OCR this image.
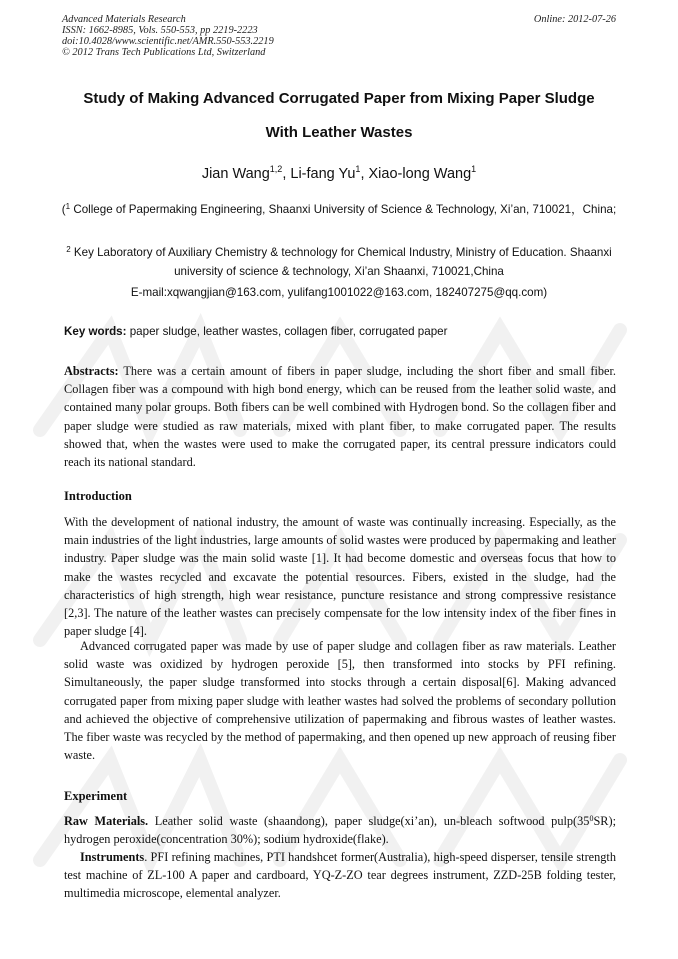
Advanced Materials Research
ISSN: 1662-8985, Vols. 550-553, pp 2219-2223
doi:10.4028/www.scientific.net/AMR.550-553.2219
© 2012 Trans Tech Publications Ltd, Switzerland
Online: 2012-07-26
Study of Making Advanced Corrugated Paper from Mixing Paper Sludge
With Leather Wastes
Jian Wang$^{1,2}$, Li-fang Yu$^1$, Xiao-long Wang$^1$
($^1$ College of Papermaking Engineering, Shaanxi University of Science & Technology, Xi’an, 710021，China;
$^2$ Key Laboratory of Auxiliary Chemistry & technology for Chemical Industry, Ministry of Education. Shaanxi university of science & technology, Xi’an Shaanxi, 710021,China
E-mail:xqwangjian@163.com, yulifang1001022@163.com, 182407275@qq.com)
Key words: paper sludge, leather wastes, collagen fiber, corrugated paper

Abstracts: There was a certain amount of fibers in paper sludge, including the short fiber and small fiber. Collagen fiber was a compound with high bond energy, which can be reused from the leather solid waste, and contained many polar groups. Both fibers can be well combined with Hydrogen bond. So the collagen fiber and paper sludge were studied as raw materials, mixed with plant fiber, to make corrugated paper. The results showed that, when the wastes were used to make the corrugated paper, its central pressure indicators could reach its national standard.

Introduction

With the development of national industry, the amount of waste was continually increasing. Especially, as the main industries of the light industries, large amounts of solid wastes were produced by papermaking and leather industry. Paper sludge was the main solid waste [1]. It had become domestic and overseas focus that how to make the wastes recycled and excavate the potential resources. Fibers, existed in the sludge, had the characteristics of high strength, high wear resistance, puncture resistance and strong compressive resistance [2,3]. The nature of the leather wastes can precisely compensate for the low intensity index of the fiber fines in paper sludge [4].

Advanced corrugated paper was made by use of paper sludge and collagen fiber as raw materials. Leather solid waste was oxidized by hydrogen peroxide [5], then transformed into stocks by PFI refining. Simultaneously, the paper sludge transformed into stocks through a certain disposal[6]. Making advanced corrugated paper from mixing paper sludge with leather wastes had solved the problems of secondary pollution and achieved the objective of comprehensive utilization of papermaking and fibrous wastes of leather wastes. The fiber waste was recycled by the method of papermaking, and then opened up new approach of reusing fiber waste.

Experiment

Raw Materials. Leather solid waste (shaandong), paper sludge(xi’an), un-bleach softwood $pulp(35^0SR)$; hydrogen peroxide(concentration 30%); sodium hydroxide(flake).

Instruments. PFI refining machines, PTI handshcet former(Australia), high-speed disperser, tensile strength test machine of ZL-100 A paper and cardboard, YQ-Z-ZO tear degrees instrument, ZZD-25B folding tester, multimedia microscope, elemental analyzer.
